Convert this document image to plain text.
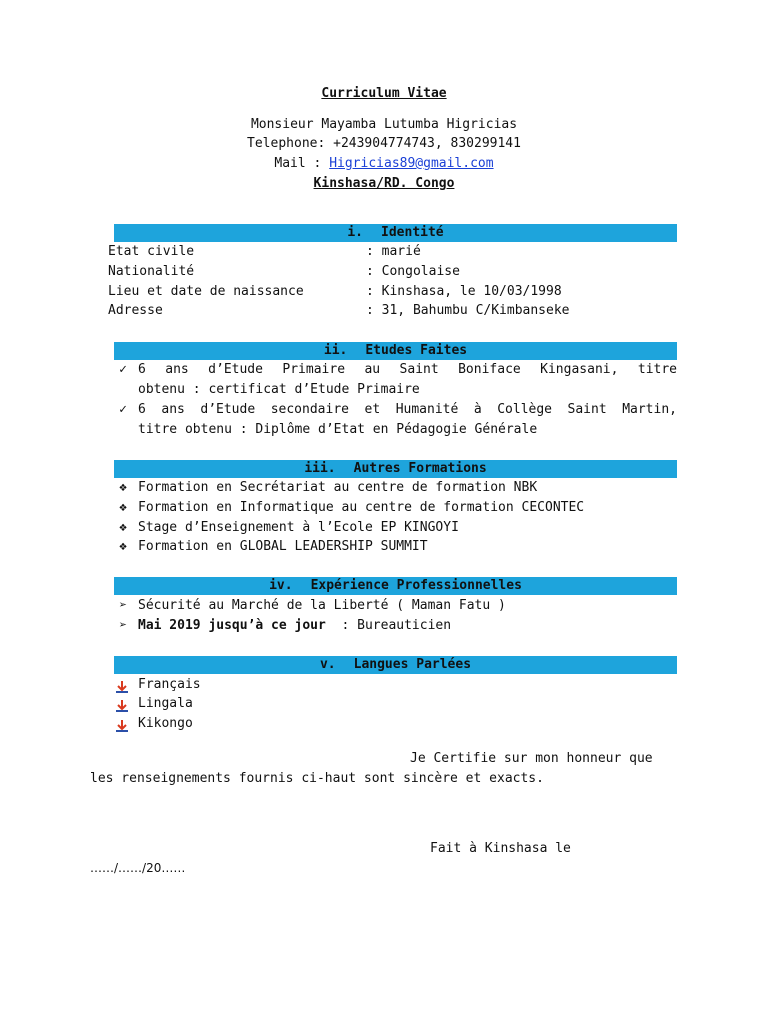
Curriculum Vitae
Monsieur Mayamba Lutumba Higricias
Telephone: +243904774743, 830299141
Mail : Higricias89@gmail.com
Kinshasa/RD. Congo
i. Identité
Etat civile	: marié
Nationalité	: Congolaise
Lieu et date de naissance	: Kinshasa, le 10/03/1998
Adresse	: 31, Bahumbu C/Kimbanseke
ii. Etudes Faites
✓ 6 ans d’Etude Primaire au Saint Boniface Kingasani, titre
obtenu : certificat d’Etude Primaire
✓ 6 ans d’Etude secondaire et Humanité à Collège Saint Martin,
titre obtenu : Diplôme d’Etat en Pédagogie Générale
iii. Autres Formations
❖ Formation en Secrétariat au centre de formation NBK
❖ Formation en Informatique au centre de formation CECONTEC
❖ Stage d’Enseignement à l’Ecole EP KINGOYI
❖ Formation en GLOBAL LEADERSHIP SUMMIT
iv. Expérience Professionnelles
➢ Sécurité au Marché de la Liberté ( Maman Fatu )
➢ Mai 2019 jusqu’à ce jour  : Bureauticien
v. Langues Parlées
Français
Lingala
Kikongo
Je Certifie sur mon honneur que
les renseignements fournis ci-haut sont sincère et exacts.
Fait à Kinshasa le
……/……/20……
